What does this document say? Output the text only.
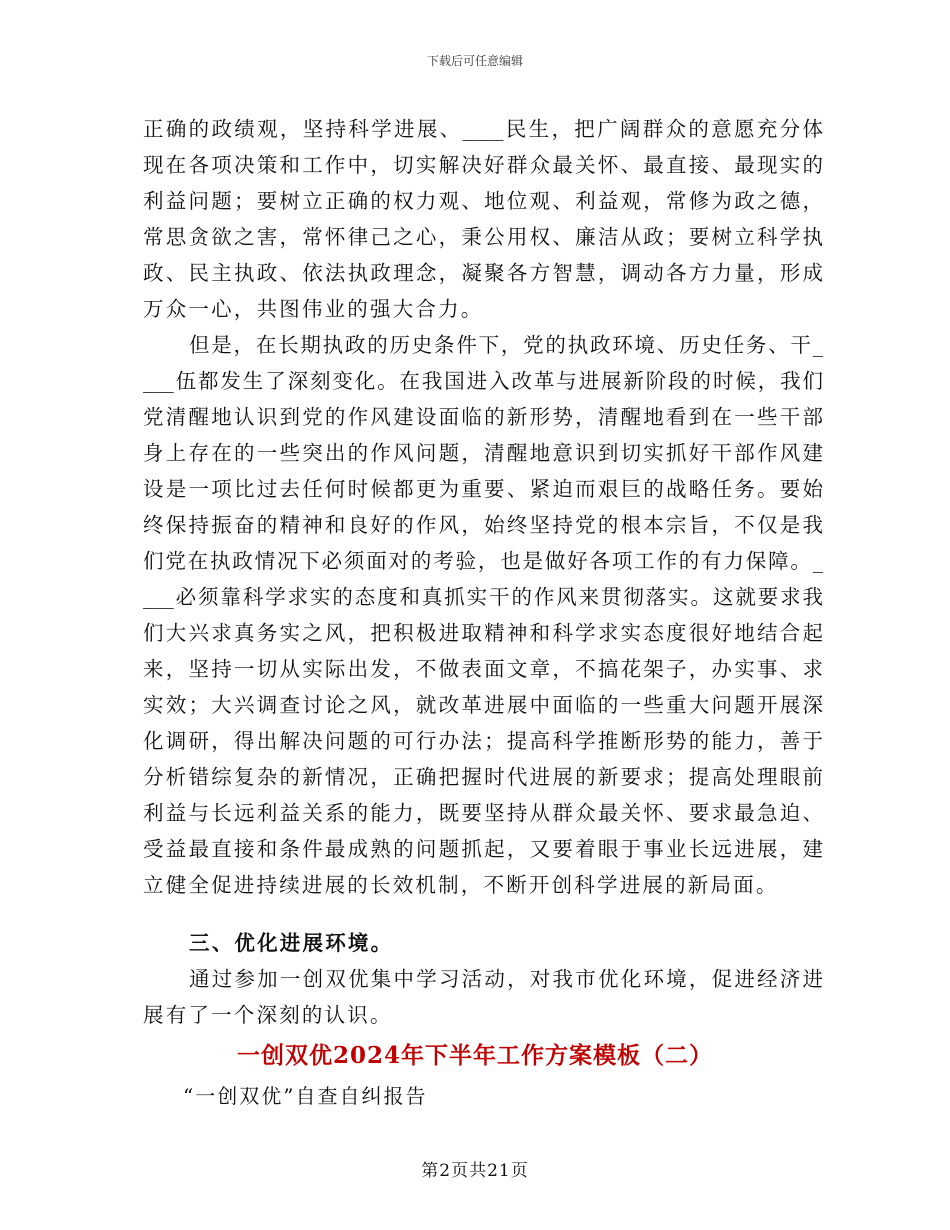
下载后可任意编辑
正确的政绩观，坚持科学进展、____民生，把广阔群众的意愿充分体
现在各项决策和工作中，切实解决好群众最关怀、最直接、最现实的
利益问题；要树立正确的权力观、地位观、利益观，常修为政之德，
常思贪欲之害，常怀律己之心，秉公用权、廉洁从政；要树立科学执
政、民主执政、依法执政理念，凝聚各方智慧，调动各方力量，形成
万众一心，共图伟业的强大合力。
但是，在长期执政的历史条件下，党的执政环境、历史任务、干_
___伍都发生了深刻变化。在我国进入改革与进展新阶段的时候，我们
党清醒地认识到党的作风建设面临的新形势，清醒地看到在一些干部
身上存在的一些突出的作风问题，清醒地意识到切实抓好干部作风建
设是一项比过去任何时候都更为重要、紧迫而艰巨的战略任务。要始
终保持振奋的精神和良好的作风，始终坚持党的根本宗旨，不仅是我
们党在执政情况下必须面对的考验，也是做好各项工作的有力保障。_
___必须靠科学求实的态度和真抓实干的作风来贯彻落实。这就要求我
们大兴求真务实之风，把积极进取精神和科学求实态度很好地结合起
来，坚持一切从实际出发，不做表面文章，不搞花架子，办实事、求
实效；大兴调查讨论之风，就改革进展中面临的一些重大问题开展深
化调研，得出解决问题的可行办法；提高科学推断形势的能力，善于
分析错综复杂的新情况，正确把握时代进展的新要求；提高处理眼前
利益与长远利益关系的能力，既要坚持从群众最关怀、要求最急迫、
受益最直接和条件最成熟的问题抓起，又要着眼于事业长远进展，建
立健全促进持续进展的长效机制，不断开创科学进展的新局面。
三、优化进展环境。
通过参加一创双优集中学习活动，对我市优化环境，促进经济进
展有了一个深刻的认识。
一创双优2024年下半年工作方案模板（二）
“一创双优”自查自纠报告
第2页共21页
